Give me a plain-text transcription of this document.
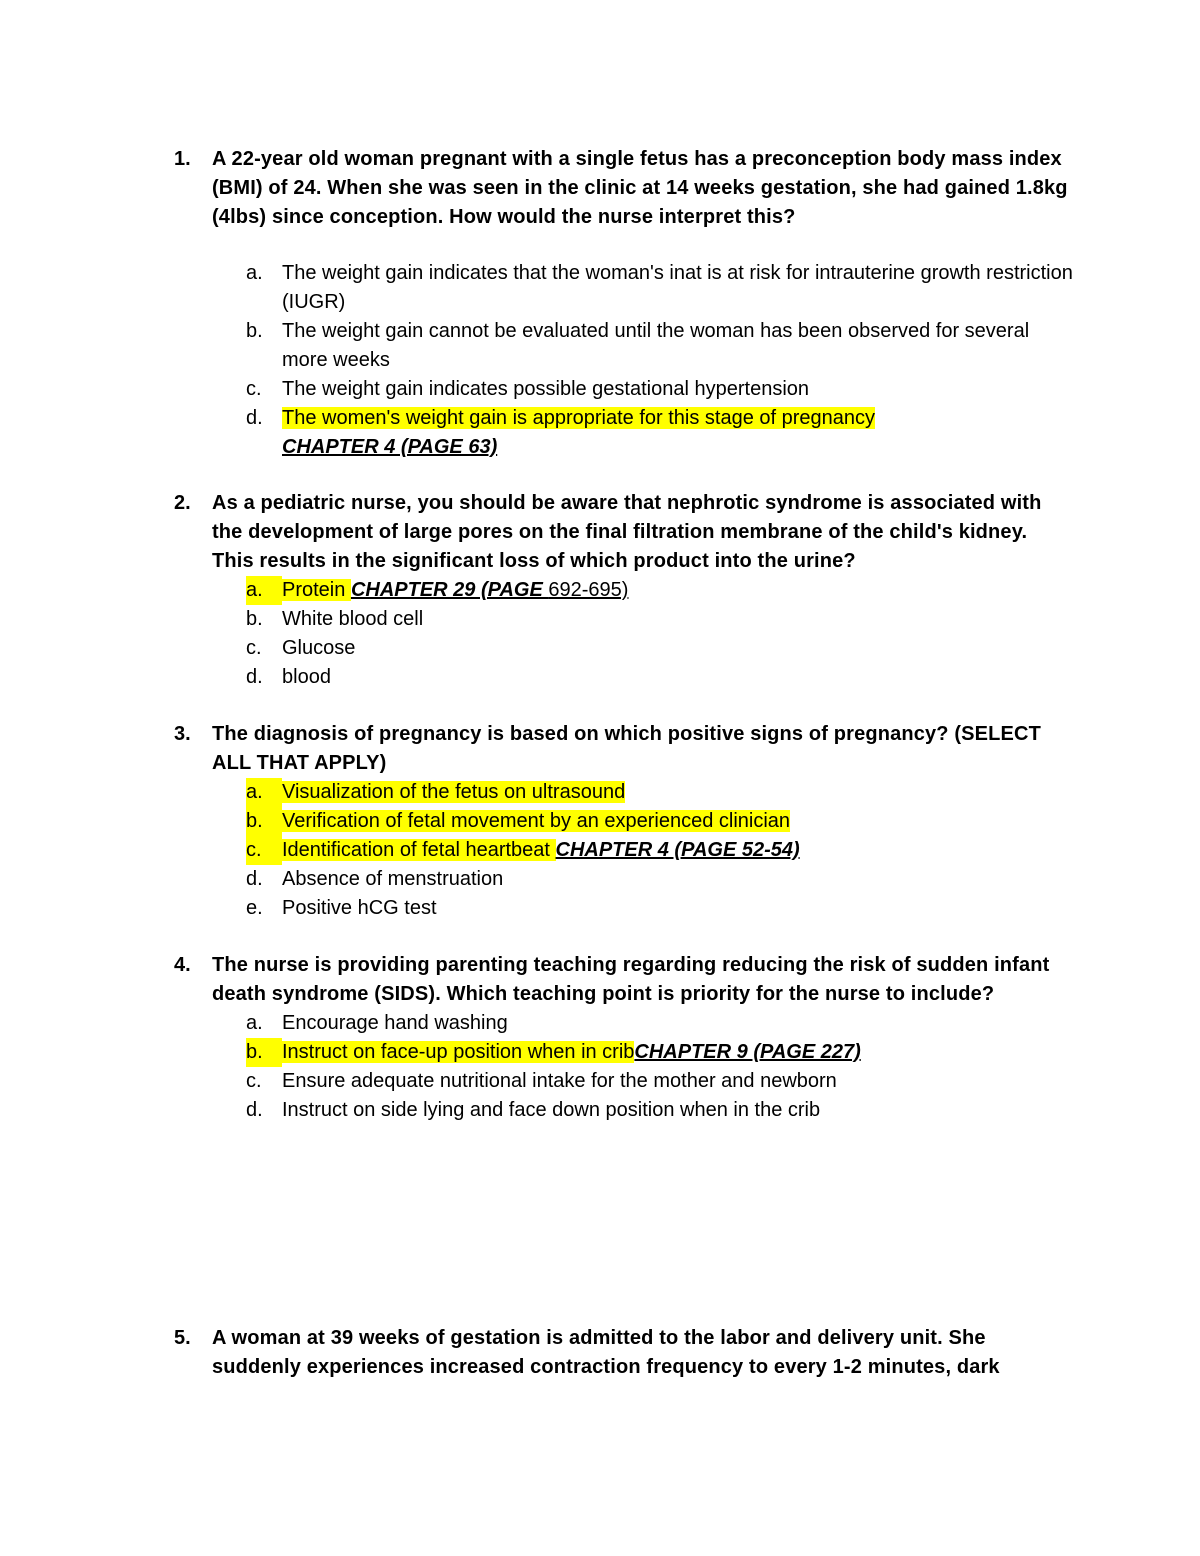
1.	A 22-year old woman pregnant with a single fetus has a preconception body mass index (BMI) of 24. When she was seen in the clinic at 14 weeks gestation, she had gained 1.8kg (4lbs) since conception. How would the nurse interpret this?
a. The weight gain indicates that the woman's inat is at risk for intrauterine growth restriction (IUGR)
b. The weight gain cannot be evaluated until the woman has been observed for several more weeks
c.	The weight gain indicates possible gestational hypertension
d. The women's weight gain is appropriate for this stage of pregnancy
CHAPTER 4 (PAGE 63)
2.	As a pediatric nurse, you should be aware that nephrotic syndrome is associated with the development of large pores on the final filtration membrane of the child's kidney. This results in the significant loss of which product into the urine?
a. Protein CHAPTER 29 (PAGE 692-695)
b. White blood cell
c.	Glucose
d. blood
3.	The diagnosis of pregnancy is based on which positive signs of pregnancy? (SELECT ALL THAT APPLY)
a. Visualization of the fetus on ultrasound
b. Verification of fetal movement by an experienced clinician
c.	Identification of fetal heartbeat CHAPTER 4 (PAGE 52-54)
d. Absence of menstruation
e. Positive hCG test
4.	The nurse is providing parenting teaching regarding reducing the risk of sudden infant death syndrome (SIDS). Which teaching point is priority for the nurse to include?
a. Encourage hand washing
b. Instruct on face-up position when in cribCHAPTER 9 (PAGE 227)
c.	Ensure adequate nutritional intake for the mother and newborn
d. Instruct on side lying and face down position when in the crib
5.	A woman at 39 weeks of gestation is admitted to the labor and delivery unit. She suddenly experiences increased contraction frequency to every 1-2 minutes, dark
